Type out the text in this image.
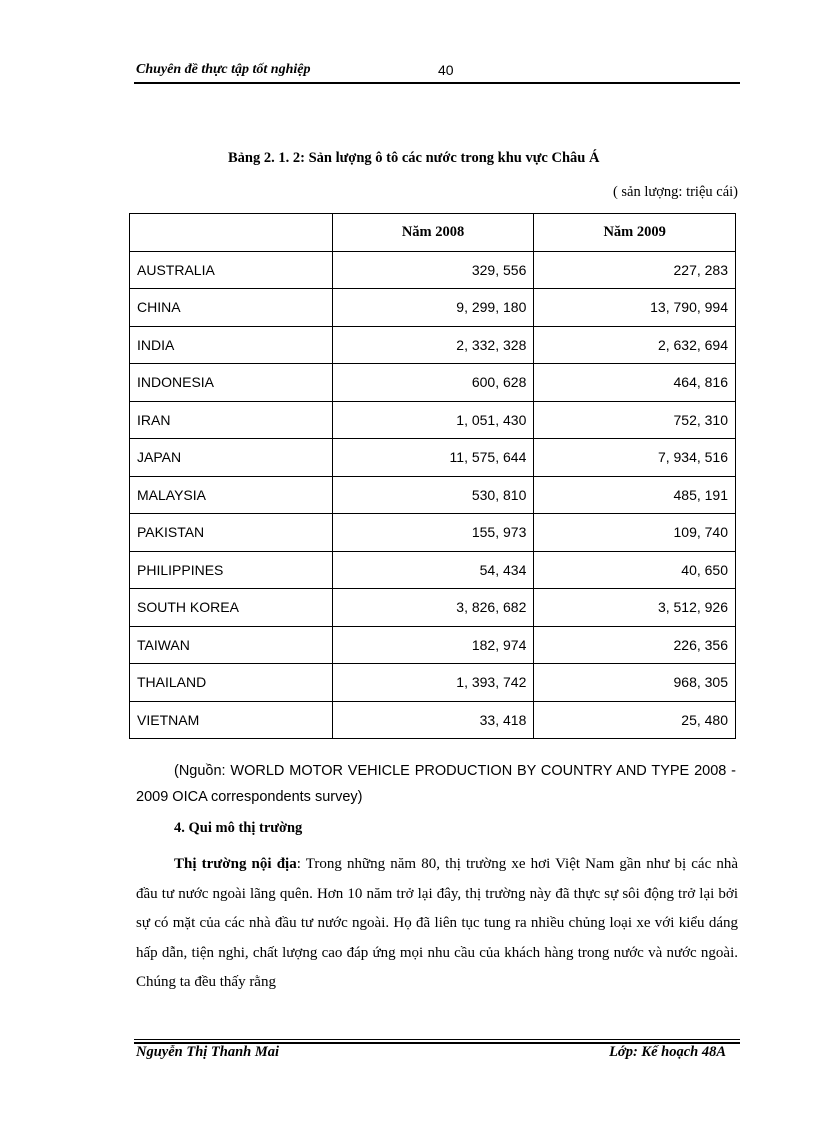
Chuyên đề thực tập tốt nghiệp	40
Bảng 2. 1. 2: Sản lượng ô tô các nước trong khu vực Châu Á
( sản lượng: triệu cái)
	Năm 2008	Năm 2009
AUSTRALIA	329, 556	227, 283
CHINA	9, 299, 180	13, 790, 994
INDIA	2, 332, 328	2, 632, 694
INDONESIA	600, 628	464, 816
IRAN	1, 051, 430	752, 310
JAPAN	11, 575, 644	7, 934, 516
MALAYSIA	530, 810	485, 191
PAKISTAN	155, 973	109, 740
PHILIPPINES	54, 434	40, 650
SOUTH KOREA	3, 826, 682	3, 512, 926
TAIWAN	182, 974	226, 356
THAILAND	1, 393, 742	968, 305
VIETNAM	33, 418	25, 480
(Nguồn: WORLD MOTOR VEHICLE PRODUCTION BY COUNTRY AND TYPE 2008 - 2009 OICA correspondents survey)
4. Qui mô thị trường
Thị trường nội địa: Trong những năm 80, thị trường xe hơi Việt Nam gần như bị các nhà đầu tư nước ngoài lãng quên. Hơn 10 năm trở lại đây, thị trường này đã thực sự sôi động trở lại bởi sự có mặt của các nhà đầu tư nước ngoài. Họ đã liên tục tung ra nhiều chủng loại xe với kiểu dáng hấp dẫn, tiện nghi, chất lượng cao đáp ứng mọi nhu cầu của khách hàng trong nước và nước ngoài. Chúng ta đều thấy rằng
Nguyễn Thị Thanh Mai	Lớp: Kế hoạch 48A
